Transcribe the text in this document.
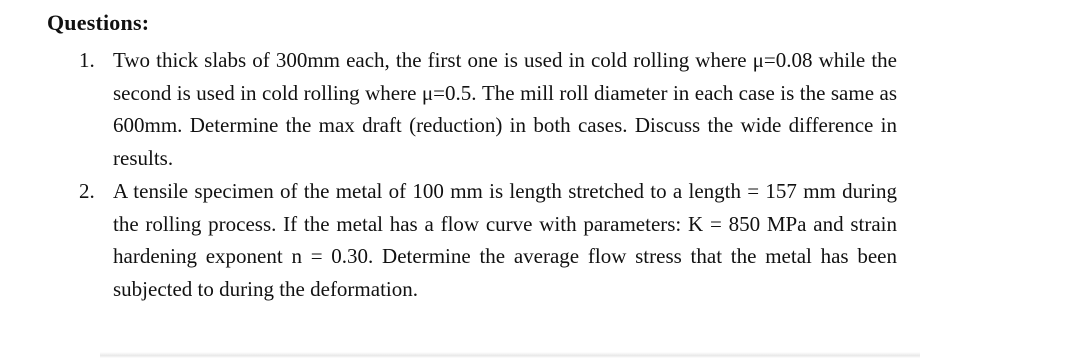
Questions:
1. Two thick slabs of 300mm each, the first one is used in cold rolling where μ=0.08 while the second is used in cold rolling where μ=0.5. The mill roll diameter in each case is the same as 600mm. Determine the max draft (reduction) in both cases. Discuss the wide difference in results.
2. A tensile specimen of the metal of 100 mm is length stretched to a length = 157 mm during the rolling process. If the metal has a flow curve with parameters: K = 850 MPa and strain hardening exponent n = 0.30. Determine the average flow stress that the metal has been subjected to during the deformation.
